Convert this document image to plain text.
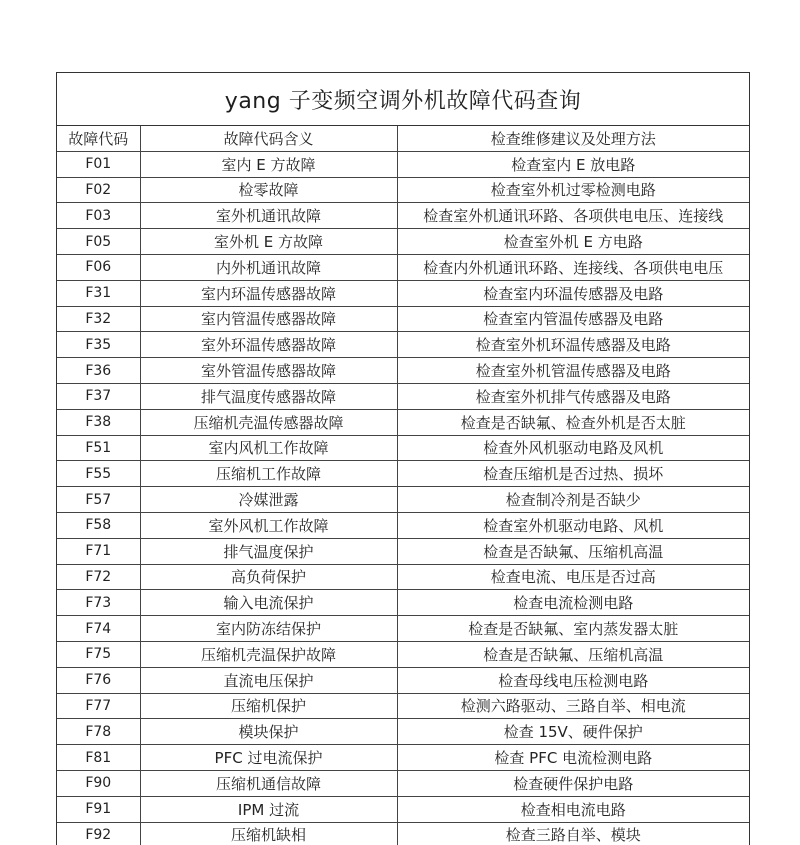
yang 子变频空调外机故障代码查询
故障代码	故障代码含义	检查维修建议及处理方法
F01	室内 E 方故障	检查室内 E 放电路
F02	检零故障	检查室外机过零检测电路
F03	室外机通讯故障	检查室外机通讯环路、各项供电电压、连接线
F05	室外机 E 方故障	检查室外机 E 方电路
F06	内外机通讯故障	检查内外机通讯环路、连接线、各项供电电压
F31	室内环温传感器故障	检查室内环温传感器及电路
F32	室内管温传感器故障	检查室内管温传感器及电路
F35	室外环温传感器故障	检查室外机环温传感器及电路
F36	室外管温传感器故障	检查室外机管温传感器及电路
F37	排气温度传感器故障	检查室外机排气传感器及电路
F38	压缩机壳温传感器故障	检查是否缺氟、检查外机是否太脏
F51	室内风机工作故障	检查外风机驱动电路及风机
F55	压缩机工作故障	检查压缩机是否过热、损坏
F57	冷媒泄露	检查制冷剂是否缺少
F58	室外风机工作故障	检查室外机驱动电路、风机
F71	排气温度保护	检查是否缺氟、压缩机高温
F72	高负荷保护	检查电流、电压是否过高
F73	输入电流保护	检查电流检测电路
F74	室内防冻结保护	检查是否缺氟、室内蒸发器太脏
F75	压缩机壳温保护故障	检查是否缺氟、压缩机高温
F76	直流电压保护	检查母线电压检测电路
F77	压缩机保护	检测六路驱动、三路自举、相电流
F78	模块保护	检查 15V、硬件保护
F81	PFC 过电流保护	检查 PFC 电流检测电路
F90	压缩机通信故障	检查硬件保护电路
F91	IPM 过流	检查相电流电路
F92	压缩机缺相	检查三路自举、模块
